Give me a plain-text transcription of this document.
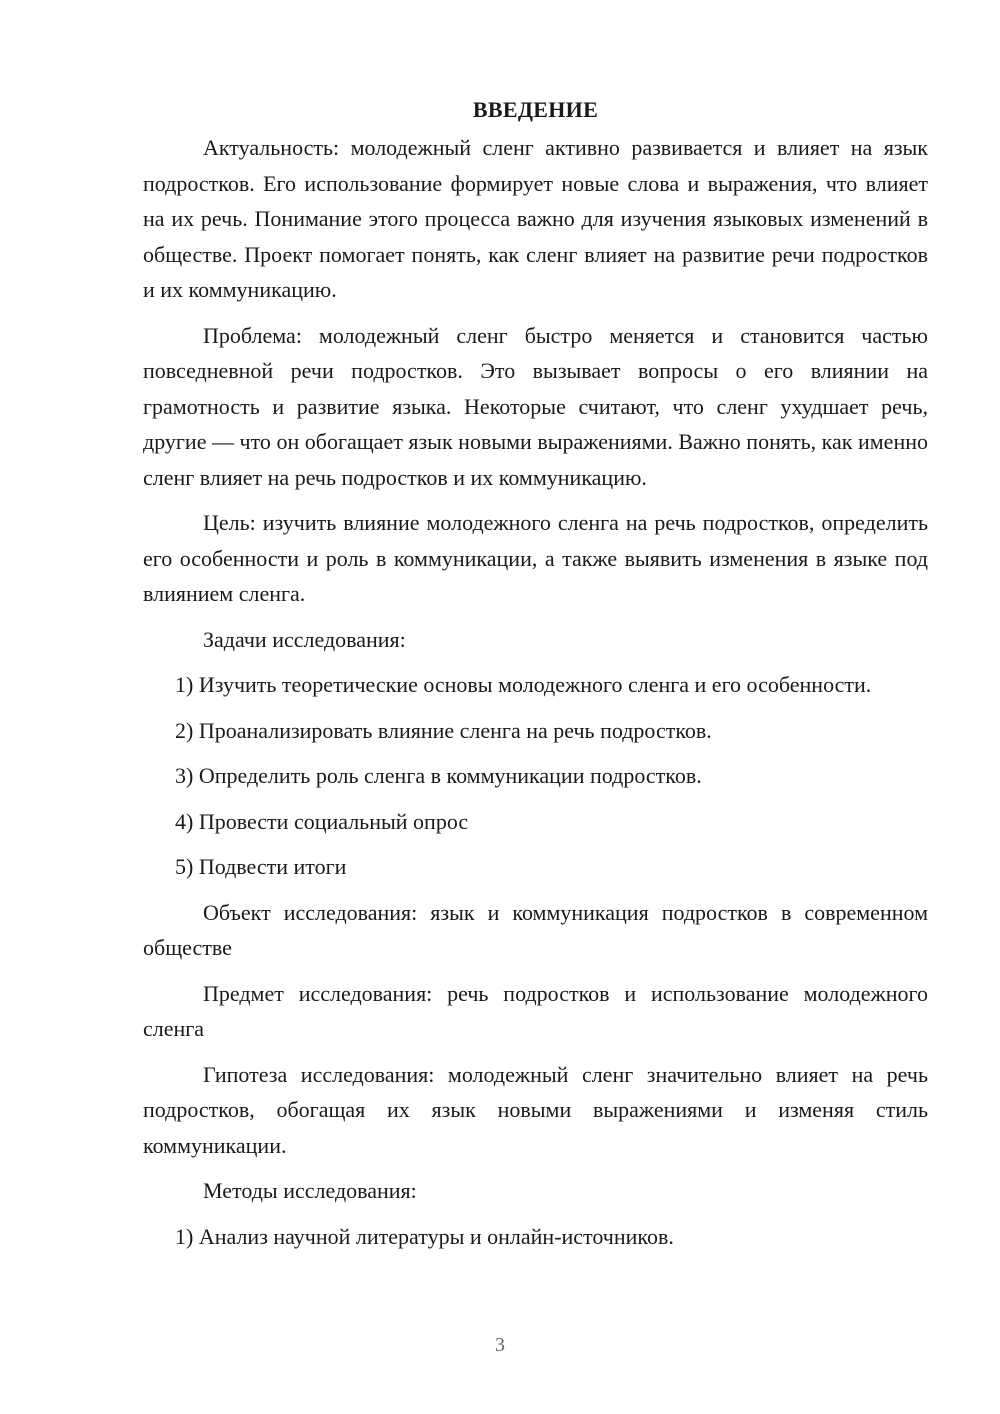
ВВЕДЕНИЕ

Актуальность: молодежный сленг активно развивается и влияет на язык подростков. Его использование формирует новые слова и выражения, что влияет на их речь. Понимание этого процесса важно для изучения языковых изменений в обществе. Проект помогает понять, как сленг влияет на развитие речи подростков и их коммуникацию.

Проблема: молодежный сленг быстро меняется и становится частью повседневной речи подростков. Это вызывает вопросы о его влиянии на грамотность и развитие языка. Некоторые считают, что сленг ухудшает речь, другие — что он обогащает язык новыми выражениями. Важно понять, как именно сленг влияет на речь подростков и их коммуникацию.

Цель: изучить влияние молодежного сленга на речь подростков, определить его особенности и роль в коммуникации, а также выявить изменения в языке под влиянием сленга.

Задачи исследования:

1) Изучить теоретические основы молодежного сленга и его особенности.

2) Проанализировать влияние сленга на речь подростков.

3) Определить роль сленга в коммуникации подростков.

4) Провести социальный опрос

5) Подвести итоги

Объект исследования: язык и коммуникация подростков в современном обществе

Предмет исследования: речь подростков и использование молодежного сленга

Гипотеза исследования: молодежный сленг значительно влияет на речь подростков, обогащая их язык новыми выражениями и изменяя стиль коммуникации.

Методы исследования:

1) Анализ научной литературы и онлайн-источников.

3
